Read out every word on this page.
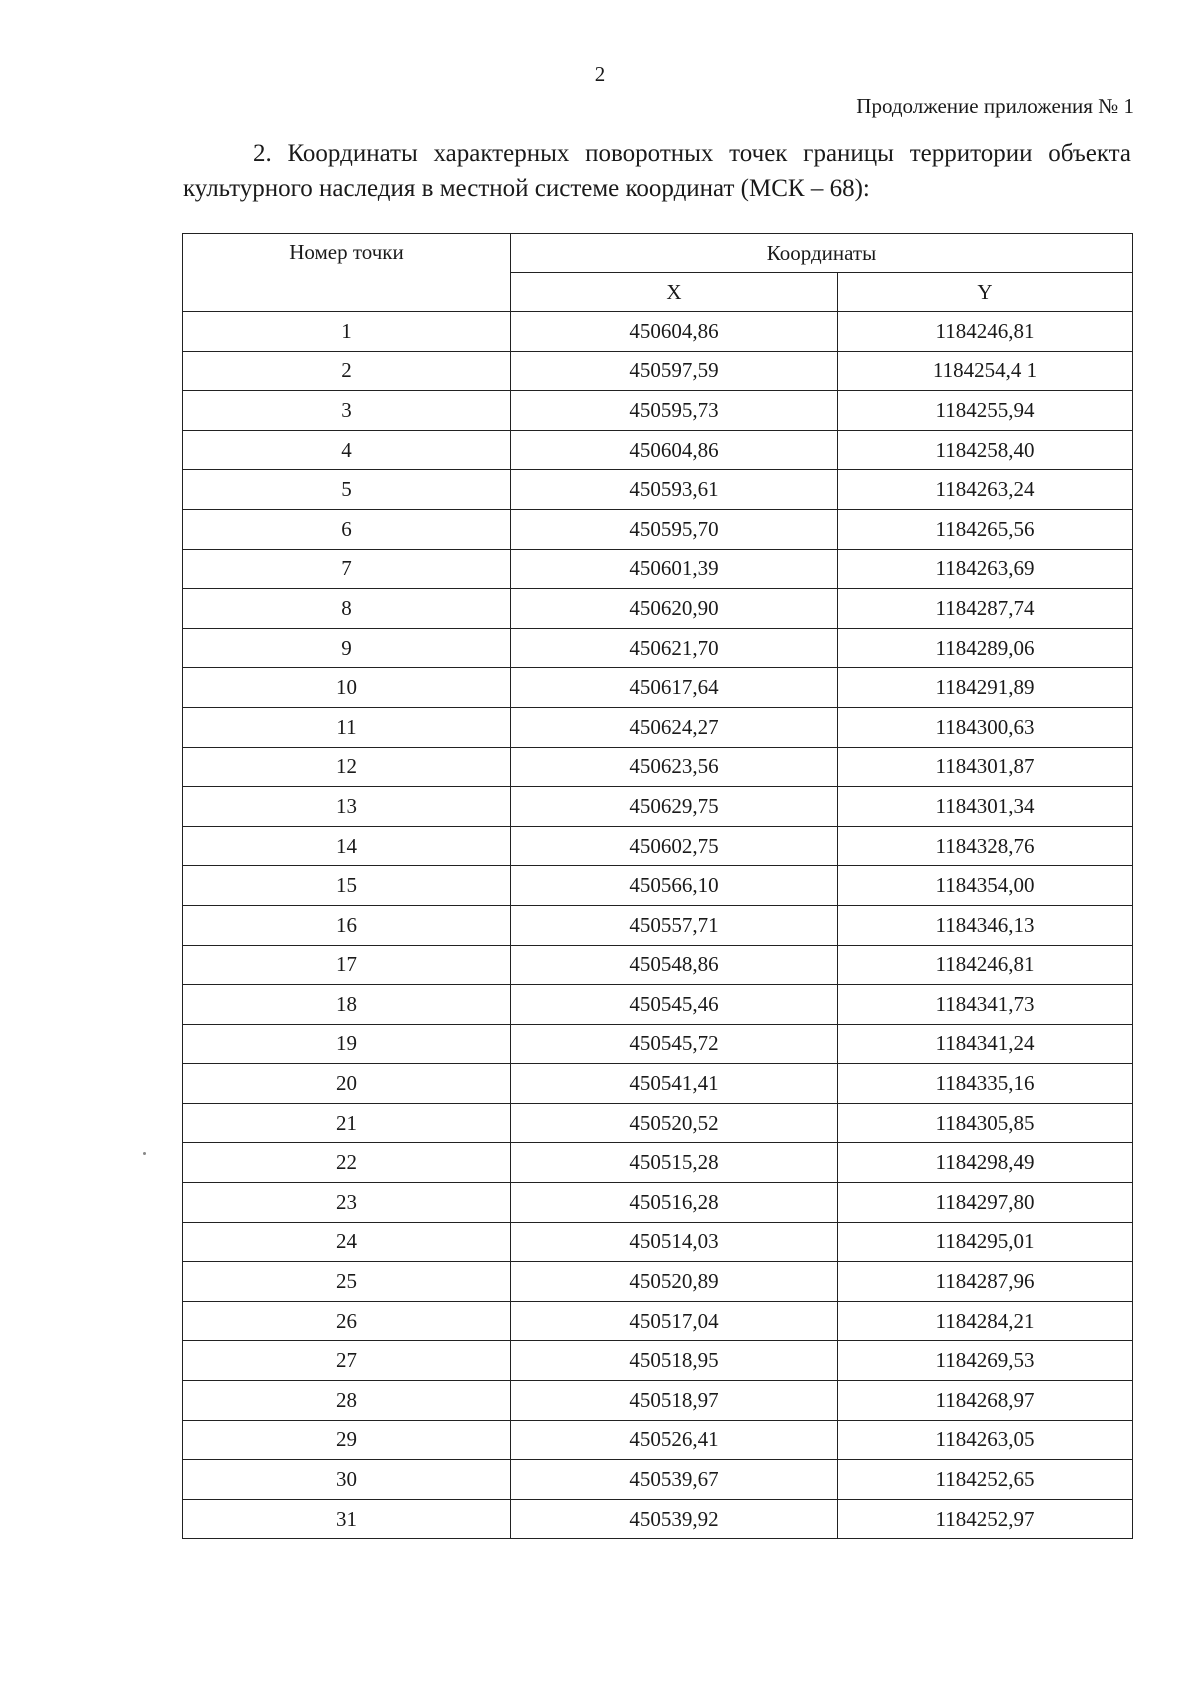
2
Продолжение приложения № 1
2. Координаты характерных поворотных точек границы территории объекта культурного наследия в местной системе координат (МСК – 68):
Номер точки	Координаты	
	X	Y
1	450604,86	1184246,81
2	450597,59	1184254,4 1
3	450595,73	1184255,94
4	450604,86	1184258,40
5	450593,61	1184263,24
6	450595,70	1184265,56
7	450601,39	1184263,69
8	450620,90	1184287,74
9	450621,70	1184289,06
10	450617,64	1184291,89
11	450624,27	1184300,63
12	450623,56	1184301,87
13	450629,75	1184301,34
14	450602,75	1184328,76
15	450566,10	1184354,00
16	450557,71	1184346,13
17	450548,86	1184246,81
18	450545,46	1184341,73
19	450545,72	1184341,24
20	450541,41	1184335,16
21	450520,52	1184305,85
22	450515,28	1184298,49
23	450516,28	1184297,80
24	450514,03	1184295,01
25	450520,89	1184287,96
26	450517,04	1184284,21
27	450518,95	1184269,53
28	450518,97	1184268,97
29	450526,41	1184263,05
30	450539,67	1184252,65
31	450539,92	1184252,97
